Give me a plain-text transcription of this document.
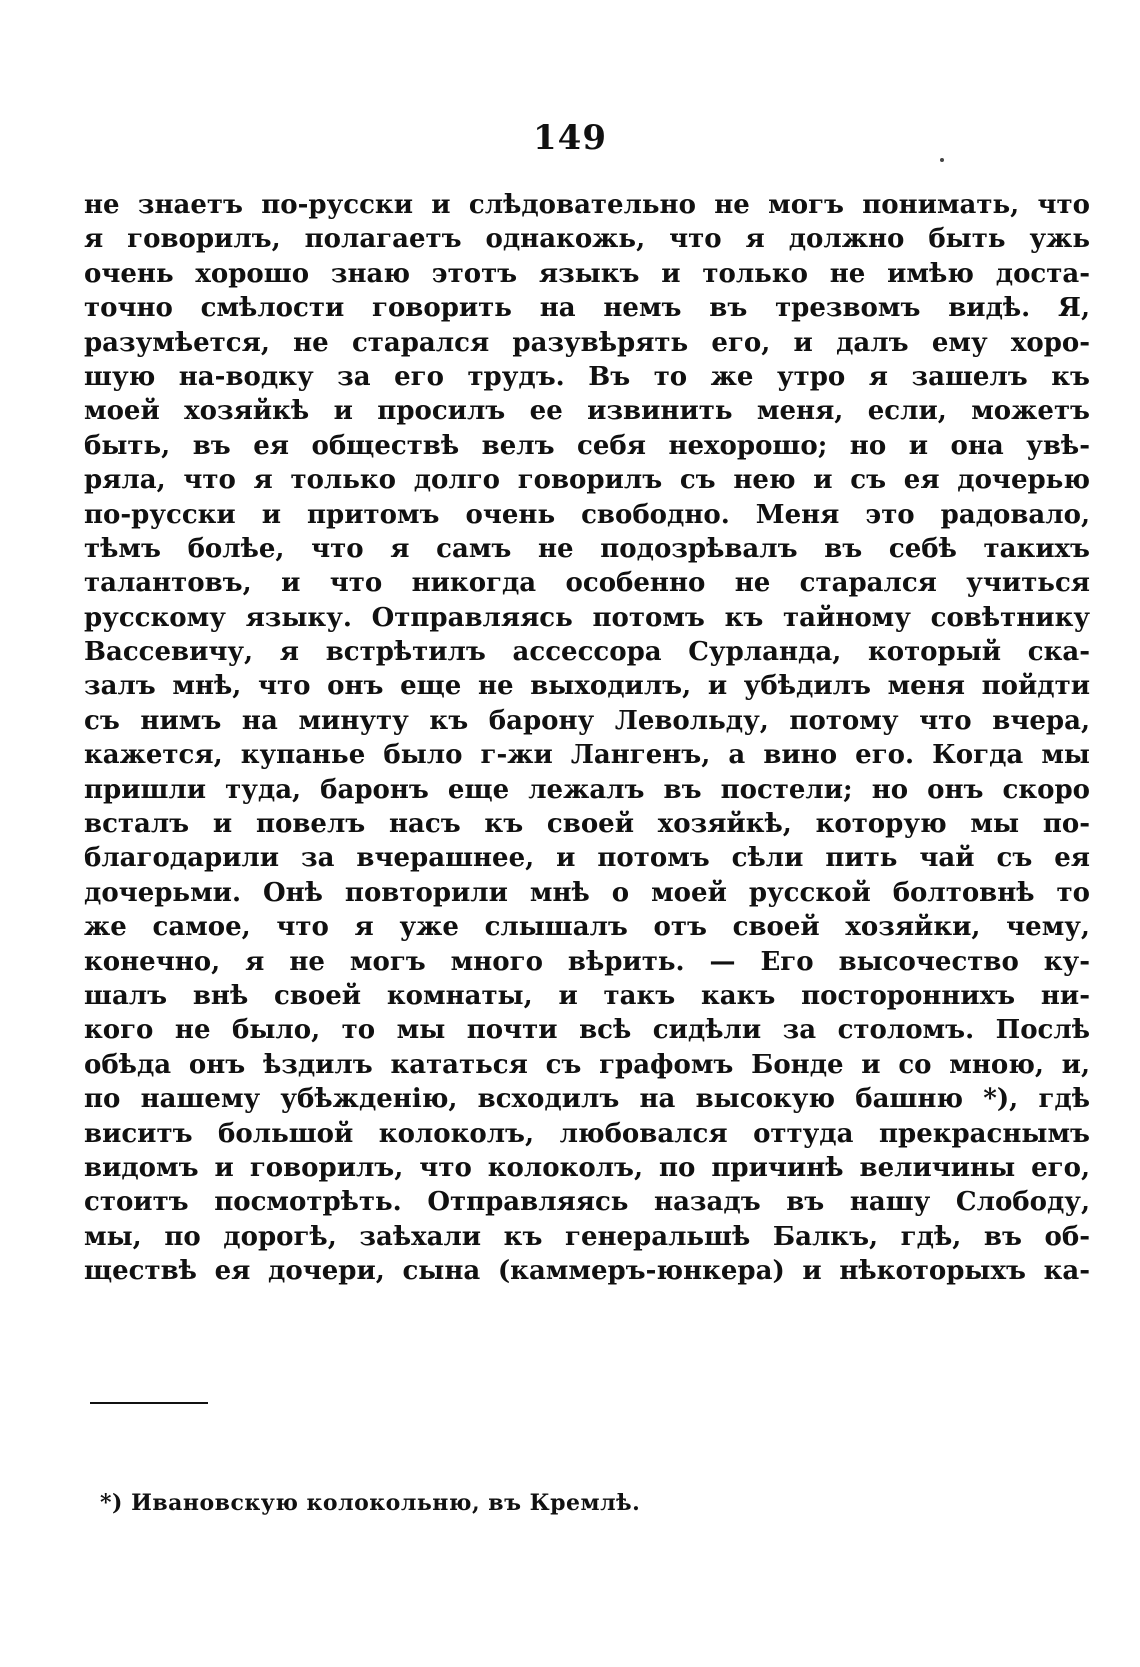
149
не знаетъ по-русски и слѣдовательно не могъ понимать, что
я говорилъ, полагаетъ однакожь, что я должно быть ужь
очень хорошо знаю этотъ языкъ и только не имѣю доста-
точно смѣлости говорить на немъ въ трезвомъ видѣ. Я,
разумѣется, не старался разувѣрять его, и далъ ему хоро-
шую на-водку за его трудъ. Въ то же утро я зашелъ къ
моей хозяйкѣ и просилъ ее извинить меня, если, можетъ
быть, въ ея обществѣ велъ себя нехорошо; но и она увѣ-
ряла, что я только долго говорилъ съ нею и съ ея дочерью
по-русски и притомъ очень свободно. Меня это радовало,
тѣмъ болѣе, что я самъ не подозрѣвалъ въ себѣ такихъ
талантовъ, и что никогда особенно не старался учиться
русскому языку. Отправляясь потомъ къ тайному совѣтнику
Вассевичу, я встрѣтилъ ассессора Сурланда, который ска-
залъ мнѣ, что онъ еще не выходилъ, и убѣдилъ меня пойдти
съ нимъ на минуту къ барону Левольду, потому что вчера,
кажется, купанье было г-жи Лангенъ, а вино его. Когда мы
пришли туда, баронъ еще лежалъ въ постели; но онъ скоро
всталъ и повелъ насъ къ своей хозяйкѣ, которую мы по-
благодарили за вчерашнее, и потомъ сѣли пить чай съ ея
дочерьми. Онѣ повторили мнѣ о моей русской болтовнѣ то
же самое, что я уже слышалъ отъ своей хозяйки, чему,
конечно, я не могъ много вѣрить. — Его высочество ку-
шалъ внѣ своей комнаты, и такъ какъ постороннихъ ни-
кого не было, то мы почти всѣ сидѣли за столомъ. Послѣ
обѣда онъ ѣздилъ кататься съ графомъ Бонде и со мною, и,
по нашему убѣжденію, всходилъ на высокую башню *), гдѣ
виситъ большой колоколъ, любовался оттуда прекраснымъ
видомъ и говорилъ, что колоколъ, по причинѣ величины его,
стоитъ посмотрѣть. Отправляясь назадъ въ нашу Слободу,
мы, по дорогѣ, заѣхали къ генеральшѣ Балкъ, гдѣ, въ об-
ществѣ ея дочери, сына (каммеръ-юнкера) и нѣкоторыхъ ка-
*) Ивановскую колокольню, въ Кремлѣ.
